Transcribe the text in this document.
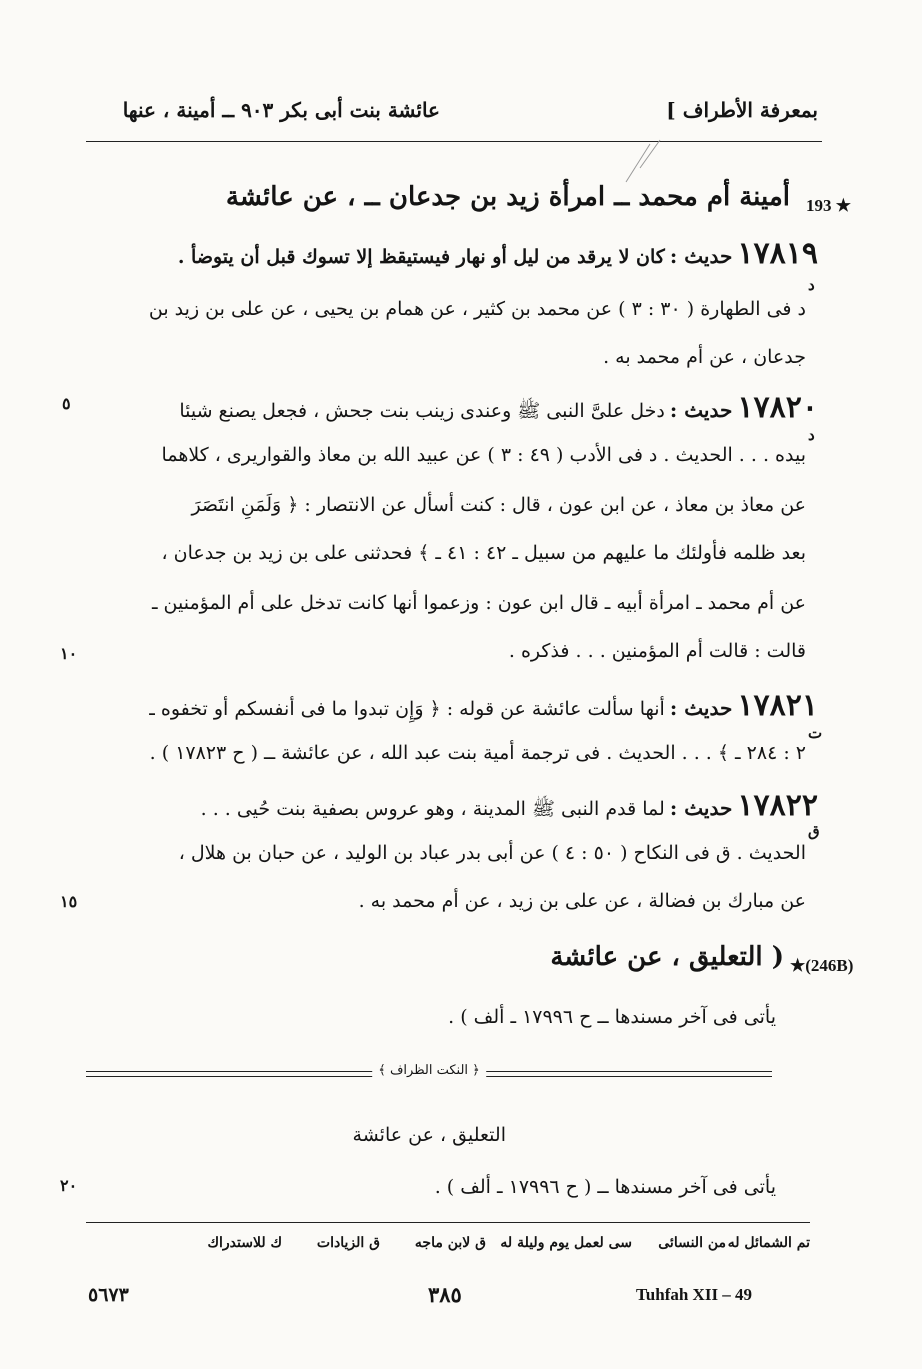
بمعرفة الأطراف ]
عائشة بنت أبى بكر ٩٠٣ ــ أمينة ، عنها
193 ★
أمينة أم محمد ــ امرأة زيد بن جدعان ــ ، عن عائشة
١٧٨١٩ حديث : كان لا يرقد من ليل أو نهار فيستيقظ إلا تسوك قبل أن يتوضأ .
د
د فى الطهارة ( ٣٠ : ٣ ) عن محمد بن كثير ، عن همام بن يحيى ، عن على بن زيد بن
جدعان ، عن أم محمد به .
١٧٨٢٠ حديث : دخل علىَّ النبى ﷺ وعندى زينب بنت جحش ، فجعل يصنع شيئا
د
بيده . . . الحديث . د فى الأدب ( ٤٩ : ٣ ) عن عبيد الله بن معاذ والقواريرى ، كلاهما
عن معاذ بن معاذ ، عن ابن عون ، قال : كنت أسأل عن الانتصار : ﴿ وَلَمَنِ انتَصَرَ
بعد ظلمه فأولئك ما عليهم من سبيل ـ ٤٢ : ٤١ ـ ﴾ فحدثنى على بن زيد بن جدعان ،
عن أم محمد ـ امرأة أبيه ـ قال ابن عون : وزعموا أنها كانت تدخل على أم المؤمنين ـ
قالت : قالت أم المؤمنين . . . فذكره .
١٧٨٢١ حديث : أنها سألت عائشة عن قوله : ﴿ وَإِن تبدوا ما فى أنفسكم أو تخفوه ـ
ت
٢ : ٢٨٤ ـ ﴾ . . . الحديث . فى ترجمة أمية بنت عبد الله ، عن عائشة ــ ( ح ١٧٨٢٣ ) .
١٧٨٢٢ حديث : لما قدم النبى ﷺ المدينة ، وهو عروس بصفية بنت حُيى . . .
ق
الحديث . ق فى النكاح ( ٥٠ : ٤ ) عن أبى بدر عباد بن الوليد ، عن حبان بن هلال ،
عن مبارك بن فضالة ، عن على بن زيد ، عن أم محمد به .
٥
١٠
١٥
٢٠
★(246B)
( التعليق ، عن عائشة
يأتى فى آخر مسندها ــ ح ١٧٩٩٦ ـ ألف ) .
﴿ النكت الظراف ﴾
التعليق ، عن عائشة
يأتى فى آخر مسندها ــ ( ح ١٧٩٩٦ ـ ألف ) .
تم الشمائل له
من النسائى
سى لعمل يوم وليلة له
ق لابن ماجه
ق الزيادات
ك للاستدراك
٥٦٧٣	٣٨٥	Tuhfah XII – 49
